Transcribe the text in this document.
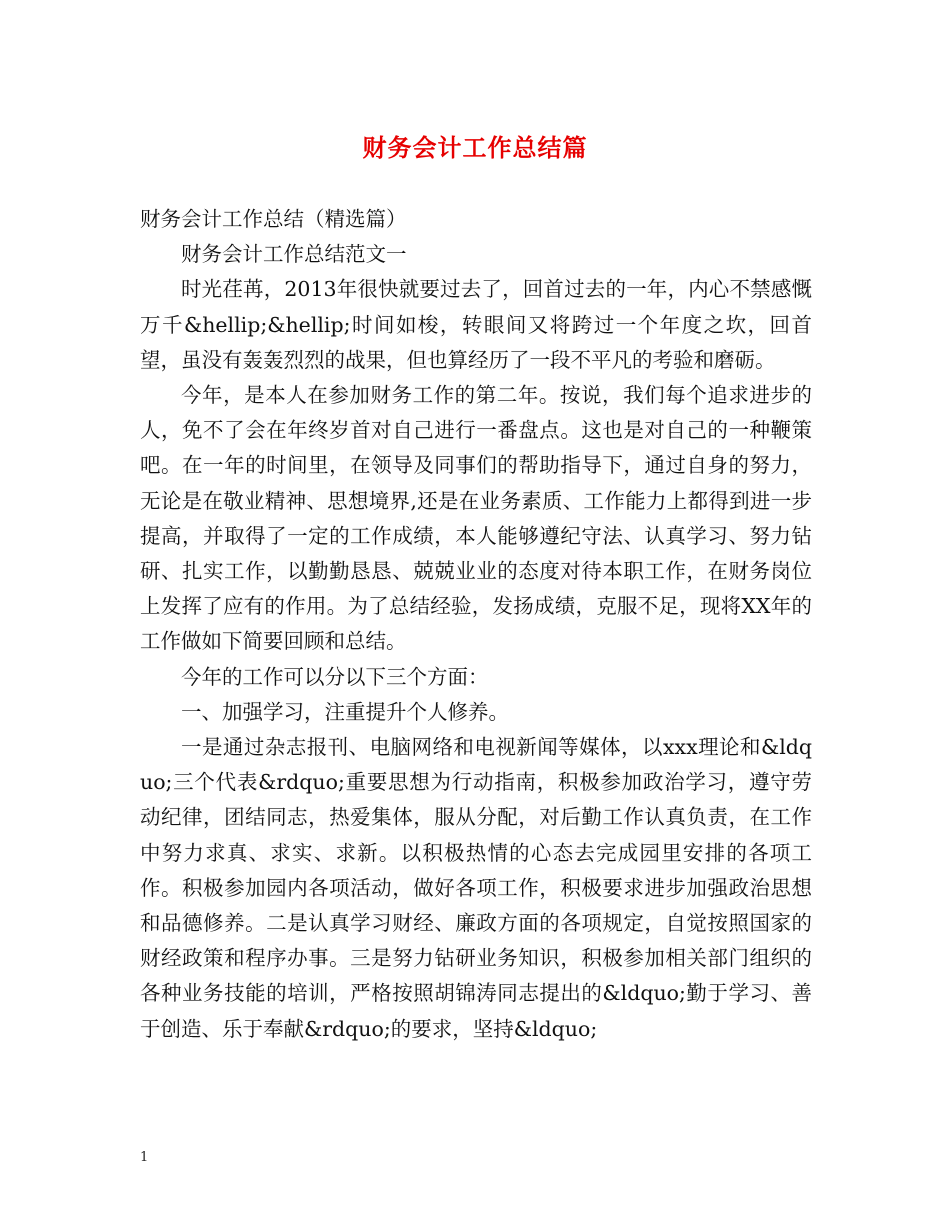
财务会计工作总结篇

财务会计工作总结（精选篇）

财务会计工作总结范文一

时光荏苒，2013年很快就要过去了，回首过去的一年，内心不禁感慨万千&hellip;&hellip;时间如梭，转眼间又将跨过一个年度之坎，回首望，虽没有轰轰烈烈的战果，但也算经历了一段不平凡的考验和磨砺。

今年，是本人在参加财务工作的第二年。按说，我们每个追求进步的人，免不了会在年终岁首对自己进行一番盘点。这也是对自己的一种鞭策吧。在一年的时间里，在领导及同事们的帮助指导下，通过自身的努力，无论是在敬业精神、思想境界,还是在业务素质、工作能力上都得到进一步提高，并取得了一定的工作成绩，本人能够遵纪守法、认真学习、努力钻研、扎实工作，以勤勤恳恳、兢兢业业的态度对待本职工作，在财务岗位上发挥了应有的作用。为了总结经验，发扬成绩，克服不足，现将XX年的工作做如下简要回顾和总结。

今年的工作可以分以下三个方面：

一、加强学习，注重提升个人修养。

一是通过杂志报刊、电脑网络和电视新闻等媒体，以xxx理论和&ldquo;三个代表&rdquo;重要思想为行动指南，积极参加政治学习，遵守劳动纪律，团结同志，热爱集体，服从分配，对后勤工作认真负责，在工作中努力求真、求实、求新。以积极热情的心态去完成园里安排的各项工作。积极参加园内各项活动，做好各项工作，积极要求进步加强政治思想和品德修养。二是认真学习财经、廉政方面的各项规定，自觉按照国家的财经政策和程序办事。三是努力钻研业务知识，积极参加相关部门组织的各种业务技能的培训，严格按照胡锦涛同志提出的&ldquo;勤于学习、善于创造、乐于奉献&rdquo;的要求，坚持&ldquo;

1
